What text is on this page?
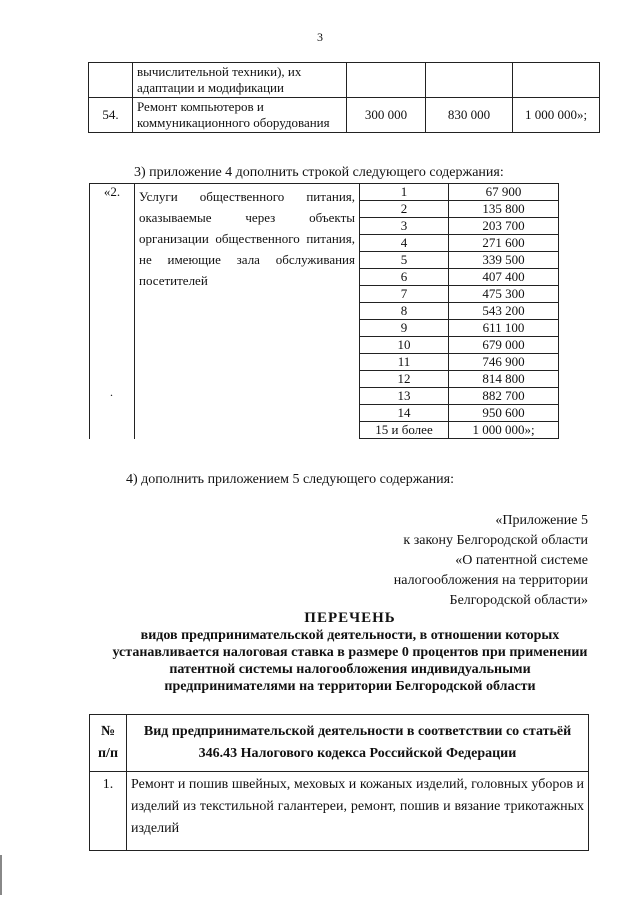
3
	вычислительной техники), их адаптации и модификации			
54.	Ремонт компьютеров и коммуникационного оборудования	300 000	830 000	1 000 000»;
3) приложение 4 дополнить строкой следующего содержания:
«2.	Услуги общественного питания, оказываемые через объекты организации общественного питания, не имеющие зала обслуживания посетителей	1	67 900
		2	135 800
		3	203 700
		4	271 600
		5	339 500
		6	407 400
		7	475 300
		8	543 200
		9	611 100
		10	679 000
		11	746 900
		12	814 800
		13	882 700
		14	950 600
		15 и более	1 000 000»;
.
4) дополнить приложением 5 следующего содержания:
«Приложение 5
к закону Белгородской области
«О патентной системе
налогообложения на территории
Белгородской области»
ПЕРЕЧЕНЬ
видов предпринимательской деятельности, в отношении которых
устанавливается налоговая ставка в размере 0 процентов при применении
патентной системы налогообложения индивидуальными
предпринимателями на территории Белгородской области
№ п/п	Вид предпринимательской деятельности в соответствии со статьёй 346.43 Налогового кодекса Российской Федерации
1.	Ремонт и пошив швейных, меховых и кожаных изделий, головных уборов и изделий из текстильной галантереи, ремонт, пошив и вязание трикотажных изделий
